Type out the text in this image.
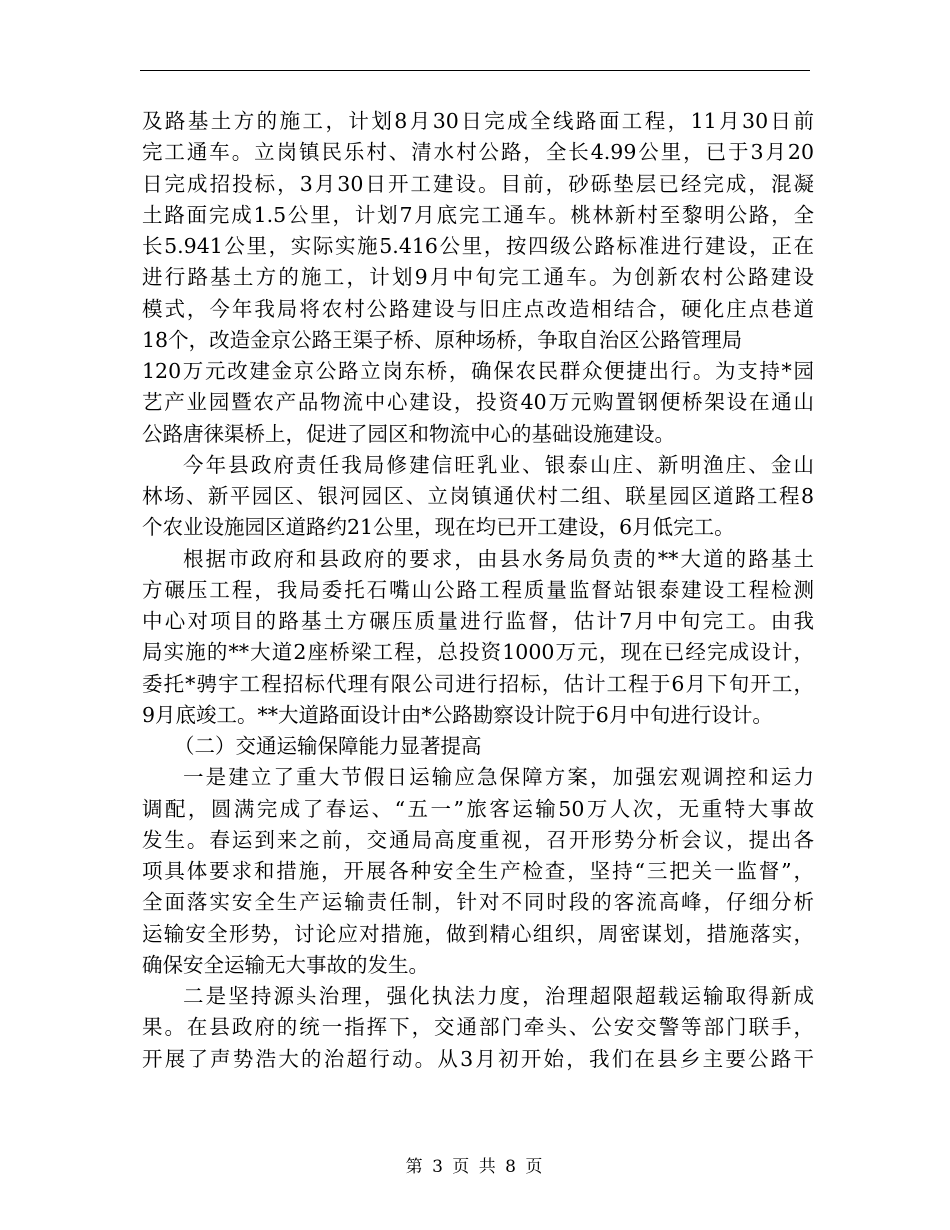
及路基土方的施工，计划8月30日完成全线路面工程，11月30日前
完工通车。立岗镇民乐村、清水村公路，全长4.99公里，已于3月20
日完成招投标，3月30日开工建设。目前，砂砾垫层已经完成，混凝
土路面完成1.5公里，计划7月底完工通车。桃林新村至黎明公路，全
长5.941公里，实际实施5.416公里，按四级公路标准进行建设，正在
进行路基土方的施工，计划9月中旬完工通车。为创新农村公路建设
模式，今年我局将农村公路建设与旧庄点改造相结合，硬化庄点巷道
18个，改造金京公路王渠子桥、原种场桥，争取自治区公路管理局
120万元改建金京公路立岗东桥，确保农民群众便捷出行。为支持*园
艺产业园暨农产品物流中心建设，投资40万元购置钢便桥架设在通山
公路唐徕渠桥上，促进了园区和物流中心的基础设施建设。
今年县政府责任我局修建信旺乳业、银泰山庄、新明渔庄、金山
林场、新平园区、银河园区、立岗镇通伏村二组、联星园区道路工程8
个农业设施园区道路约21公里，现在均已开工建设，6月低完工。
根据市政府和县政府的要求，由县水务局负责的**大道的路基土
方碾压工程，我局委托石嘴山公路工程质量监督站银泰建设工程检测
中心对项目的路基土方碾压质量进行监督，估计7月中旬完工。由我
局实施的**大道2座桥梁工程，总投资1000万元，现在已经完成设计，
委托*骋宇工程招标代理有限公司进行招标，估计工程于6月下旬开工，
9月底竣工。**大道路面设计由*公路勘察设计院于6月中旬进行设计。
（二）交通运输保障能力显著提高
一是建立了重大节假日运输应急保障方案，加强宏观调控和运力
调配，圆满完成了春运、“五一”旅客运输50万人次，无重特大事故
发生。春运到来之前，交通局高度重视，召开形势分析会议，提出各
项具体要求和措施，开展各种安全生产检查，坚持“三把关一监督”，
全面落实安全生产运输责任制，针对不同时段的客流高峰，仔细分析
运输安全形势，讨论应对措施，做到精心组织，周密谋划，措施落实，
确保安全运输无大事故的发生。
二是坚持源头治理，强化执法力度，治理超限超载运输取得新成
果。在县政府的统一指挥下，交通部门牵头、公安交警等部门联手，
开展了声势浩大的治超行动。从3月初开始，我们在县乡主要公路干
第 3 页 共 8 页
